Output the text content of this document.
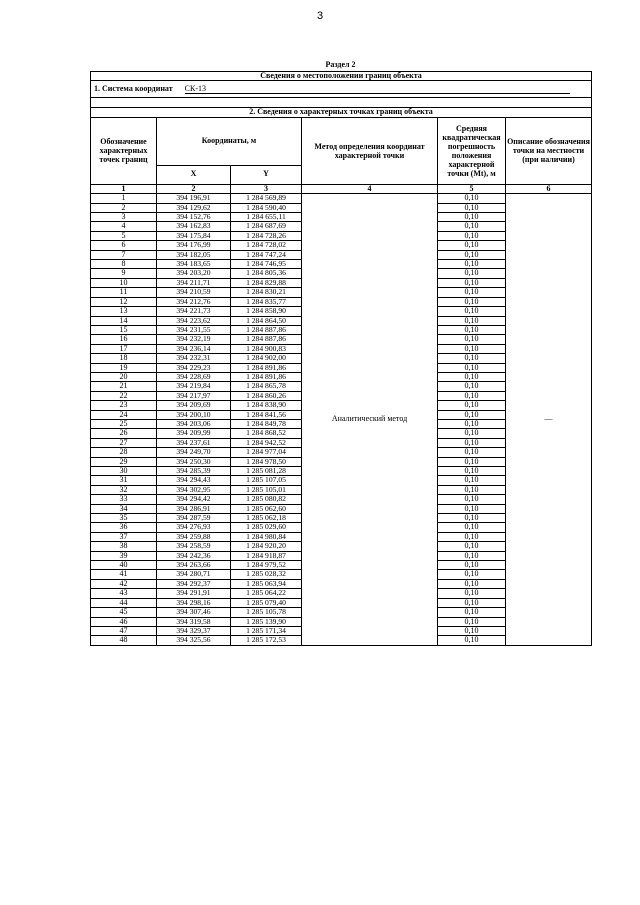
3
Раздел 2
Сведения о местоположении границ объекта					
1. Система координат СК-13					

2. Сведения о характерных точках границ объекта					
Обозначение характерных точек границ	Координаты, м		Метод определения координат характерной точки	Средняя квадратическая погрешность положения характерной точки (Mt), м	Описание обозначения точки на местности (при наличии)
	X	Y			
1	2	3	4	5	6
1	394 196,91	1 284 569,89	Аналитический метод	0,10	—
2	394 129,62	1 284 590,40		0,10	
3	394 152,76	1 284 655,11		0,10	
4	394 162,83	1 284 687,69		0,10	
5	394 175,84	1 284 728,26		0,10	
6	394 176,99	1 284 728,02		0,10	
7	394 182,05	1 284 747,24		0,10	
8	394 183,65	1 284 746,95		0,10	
9	394 203,20	1 284 805,36		0,10	
10	394 211,71	1 284 829,88		0,10	
11	394 210,59	1 284 830,21		0,10	
12	394 212,76	1 284 835,77		0,10	
13	394 221,73	1 284 858,90		0,10	
14	394 223,62	1 284 864,50		0,10	
15	394 231,55	1 284 887,86		0,10	
16	394 232,19	1 284 887,86		0,10	
17	394 236,14	1 284 900,83		0,10	
18	394 232,31	1 284 902,00		0,10	
19	394 229,23	1 284 891,86		0,10	
20	394 228,69	1 284 891,86		0,10	
21	394 219,84	1 284 865,78		0,10	
22	394 217,97	1 284 860,26		0,10	
23	394 209,69	1 284 838,90		0,10	
24	394 200,10	1 284 841,56		0,10	
25	394 203,06	1 284 849,78		0,10	
26	394 209,99	1 284 868,52		0,10	
27	394 237,61	1 284 942,52		0,10	
28	394 249,70	1 284 977,04		0,10	
29	394 250,30	1 284 978,50		0,10	
30	394 285,39	1 285 081,28		0,10	
31	394 294,43	1 285 107,05		0,10	
32	394 302,95	1 285 105,01		0,10	
33	394 294,42	1 285 080,82		0,10	
34	394 286,91	1 285 062,60		0,10	
35	394 287,59	1 285 062,18		0,10	
36	394 276,93	1 285 029,60		0,10	
37	394 259,88	1 284 980,84		0,10	
38	394 258,59	1 284 920,20		0,10	
39	394 242,36	1 284 918,87		0,10	
40	394 263,66	1 284 979,52		0,10	
41	394 280,71	1 285 028,32		0,10	
42	394 292,37	1 285 063,94		0,10	
43	394 291,91	1 285 064,22		0,10	
44	394 298,16	1 285 079,40		0,10	
45	394 307,46	1 285 105,78		0,10	
46	394 319,58	1 285 139,90		0,10	
47	394 329,37	1 285 171,34		0,10	
48	394 325,56	1 285 172,53		0,10	
